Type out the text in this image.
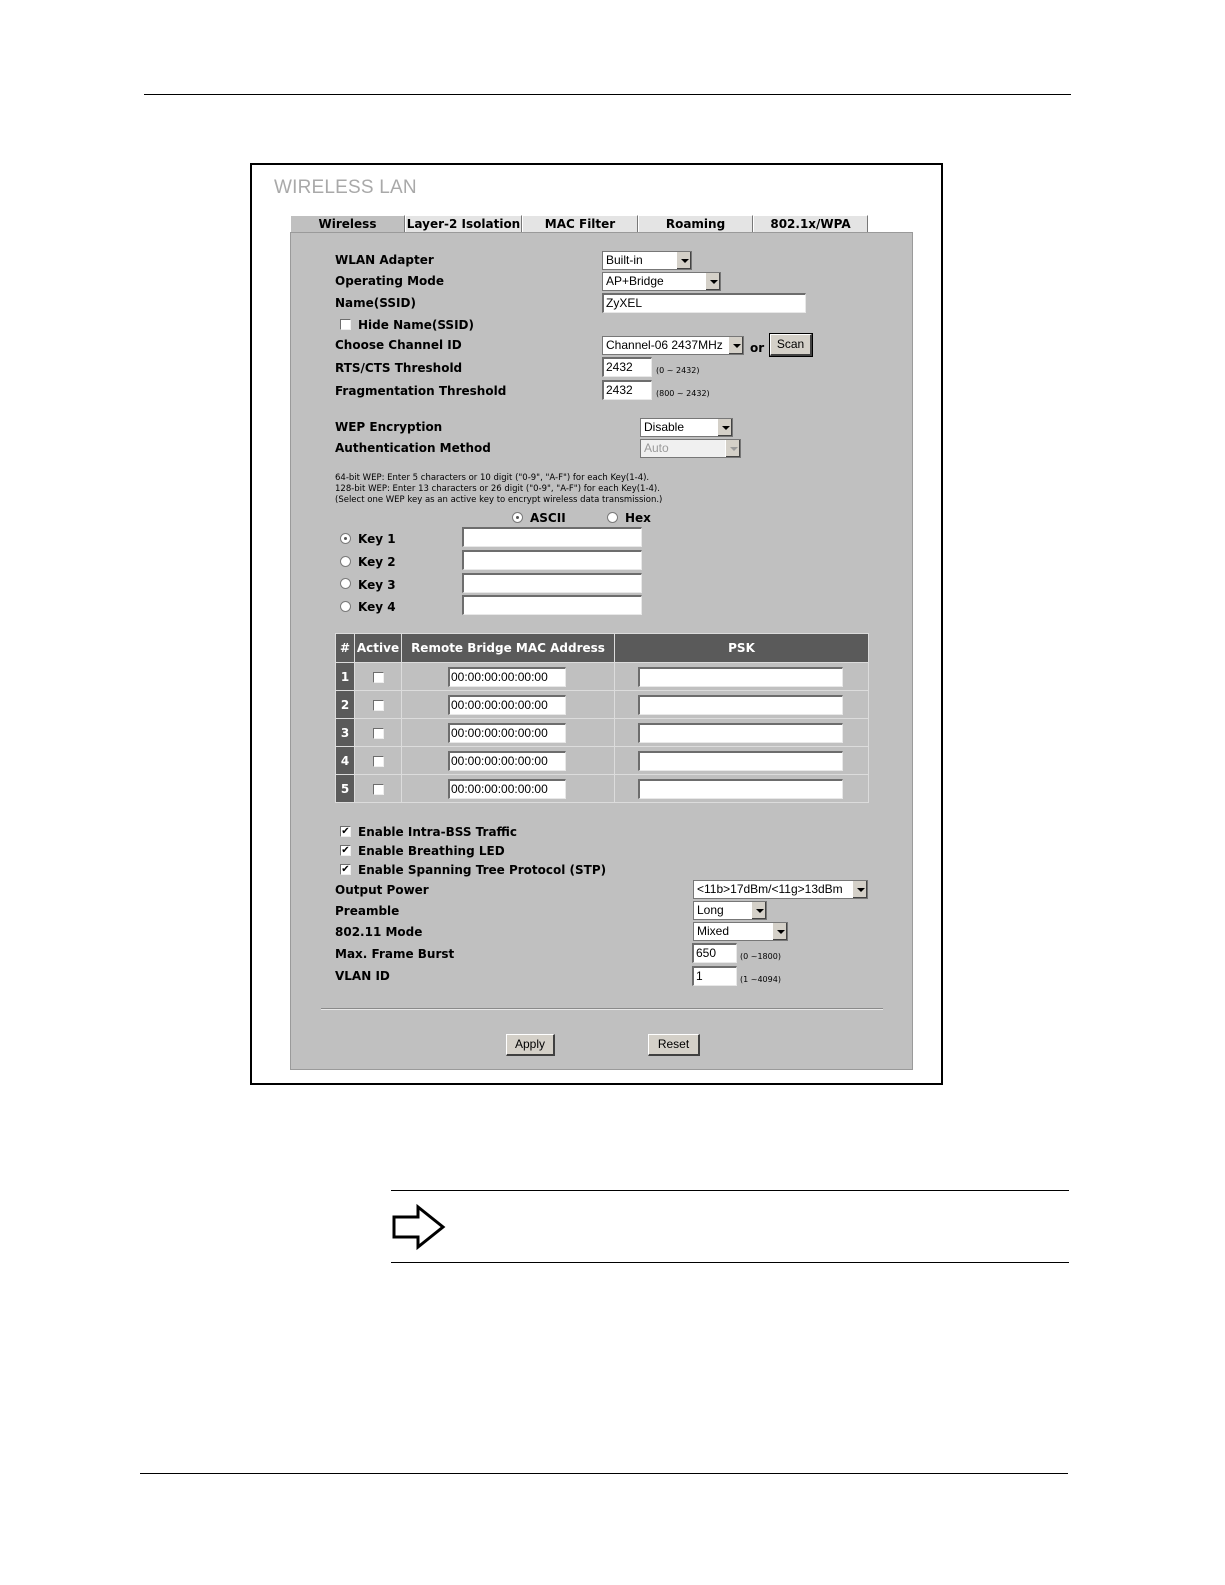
WIRELESS LAN
Wireless	Layer-2 Isolation	MAC Filter	Roaming	802.1x/WPA
WLAN Adapter	Built-in
Operating Mode	AP+Bridge
Name(SSID)	ZyXEL
Hide Name(SSID)
Choose Channel ID	Channel-06 2437MHz	or	Scan
RTS/CTS Threshold	2432	(0 ~ 2432)
Fragmentation Threshold	2432	(800 ~ 2432)
WEP Encryption	Disable
Authentication Method	Auto
64-bit WEP: Enter 5 characters or 10 digit ("0-9", "A-F") for each Key(1-4).
128-bit WEP: Enter 13 characters or 26 digit ("0-9", "A-F") for each Key(1-4).
(Select one WEP key as an active key to encrypt wireless data transmission.)
ASCII	Hex
Key 1
Key 2
Key 3
Key 4
#	Active	Remote Bridge MAC Address	PSK
1		00:00:00:00:00:00	
2		00:00:00:00:00:00	
3		00:00:00:00:00:00	
4		00:00:00:00:00:00	
5		00:00:00:00:00:00	
✔ Enable Intra-BSS Traffic
✔ Enable Breathing LED
✔ Enable Spanning Tree Protocol (STP)
Output Power	<11b>17dBm/<11g>13dBm
Preamble	Long
802.11 Mode	Mixed
Max. Frame Burst	650	(0 ~1800)
VLAN ID	1	(1 ~4094)
Apply	Reset
